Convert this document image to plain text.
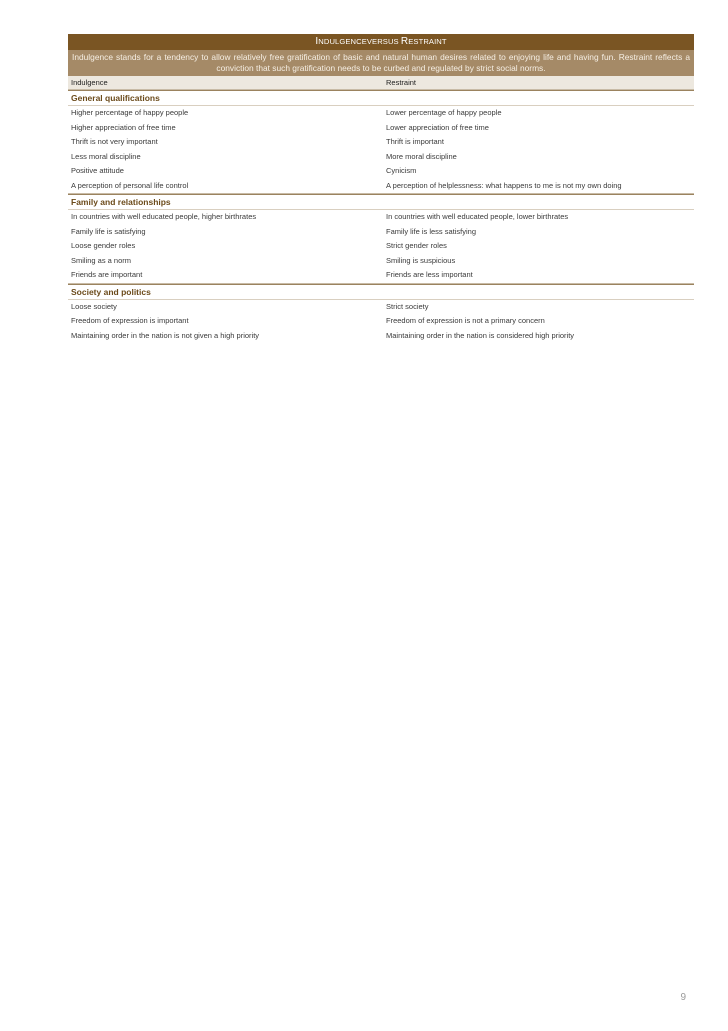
INDULGENCEVERSUS RESTRAINT
Indulgence stands for a tendency to allow relatively free gratification of basic and natural human desires related to enjoying life and having fun. Restraint reflects a conviction that such gratification needs to be curbed and regulated by strict social norms.
Indulgence	Restraint
General qualifications
Higher percentage of happy people	Lower percentage of happy people
Higher appreciation of free time	Lower appreciation of free time
Thrift is not very important	Thrift is important
Less moral discipline	More moral discipline
Positive attitude	Cynicism
A perception of personal life control	A perception of helplessness: what happens to me is not my own doing
Family and relationships
In countries with well educated people, higher birthrates	In countries with well educated people, lower birthrates
Family life is satisfying	Family life is less satisfying
Loose gender roles	Strict gender roles
Smiling as a norm	Smiling is suspicious
Friends are important	Friends are less important
Society and politics
Loose society	Strict society
Freedom of expression is important	Freedom of expression is not a primary concern
Maintaining order in the nation is not given a high priority	Maintaining order in the nation is considered high priority
9
